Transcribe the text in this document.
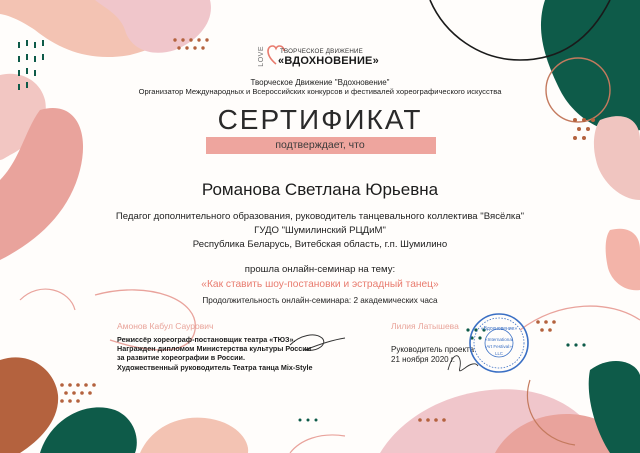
LOVE ТВОРЧЕСКОЕ ДВИЖЕНИЕ
«ВДОХНОВЕНИЕ»
Творческое Движение "Вдохновение"
Организатор Международных и Всероссийских конкурсов и фестивалей хореографического искусства
СЕРТИФИКАТ
подтверждает, что
Романова Светлана Юрьевна
Педагог дополнительного образования, руководитель танцевального коллектива "Вясёлка"
ГУДО "Шумилинский РЦДиМ"
Республика Беларусь, Витебская область, г.п. Шумилино
прошла онлайн-семинар на тему:
«Как ставить шоу-постановки и эстрадный танец»
Продолжительность онлайн-семинара: 2 академических часа
Амонов Кабул Саурович
Режиссёр хореограф-постановщик театра «ТЮЗ».
Награжден дипломом Министерства культуры России
за развитие хореографии в России.
Художественный руководитель Театра танца Mix-Style
Лилия Латышева
Руководитель проекта
21 ноября 2020 г.
«Вдохновение»
«International
Art Festival»
LLC
